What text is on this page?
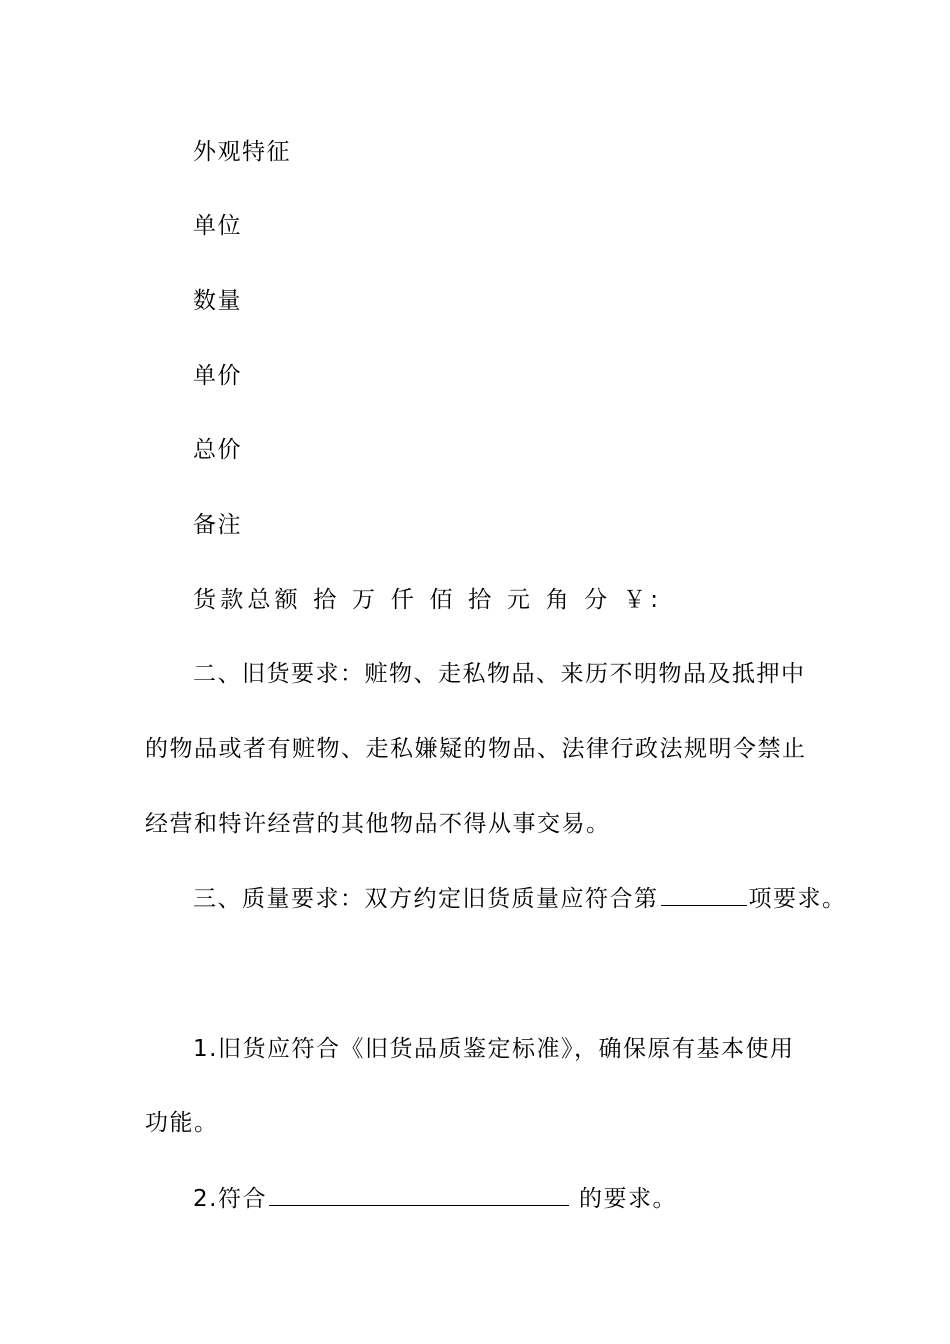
外观特征
单位
数量
单价
总价
备注
货款总额 拾 万 仟 佰 拾 元 角 分 ￥:
二、旧货要求：赃物、走私物品、来历不明物品及抵押中
的物品或者有赃物、走私嫌疑的物品、法律行政法规明令禁止
经营和特许经营的其他物品不得从事交易。
三、质量要求：双方约定旧货质量应符合第	项要求。
1.旧货应符合《旧货品质鉴定标准》，确保原有基本使用
功能。
2.符合	的要求。
